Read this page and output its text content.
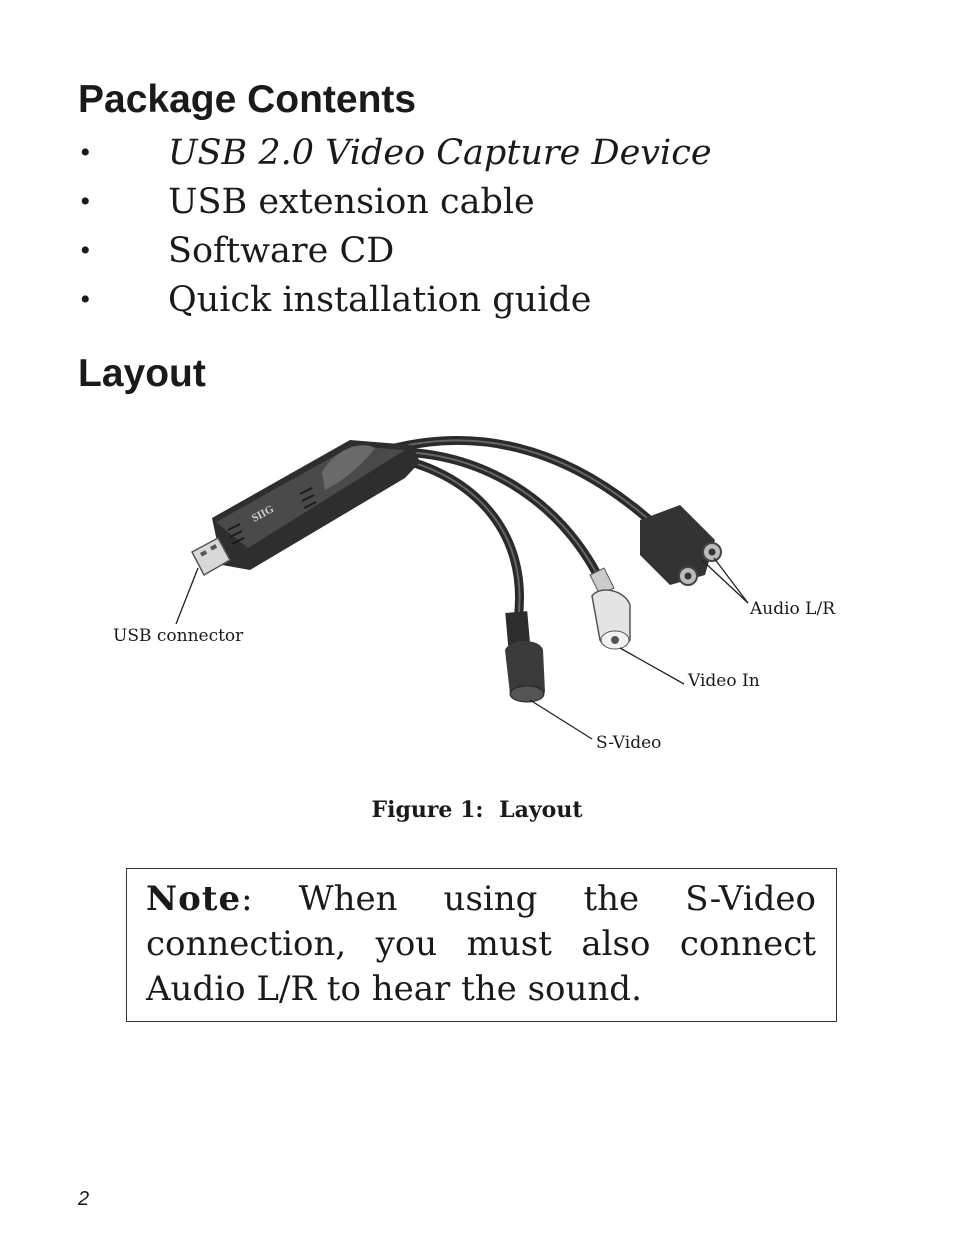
Package Contents
•	USB 2.0 Video Capture Device
•	USB extension cable
•	Software CD
•	Quick installation guide
Layout
SIIG
USB connector
Audio L/R
Video In
S-Video
Figure 1: Layout

Note: When using the S-Video connection, you must also connect Audio L/R to hear the sound.

2
